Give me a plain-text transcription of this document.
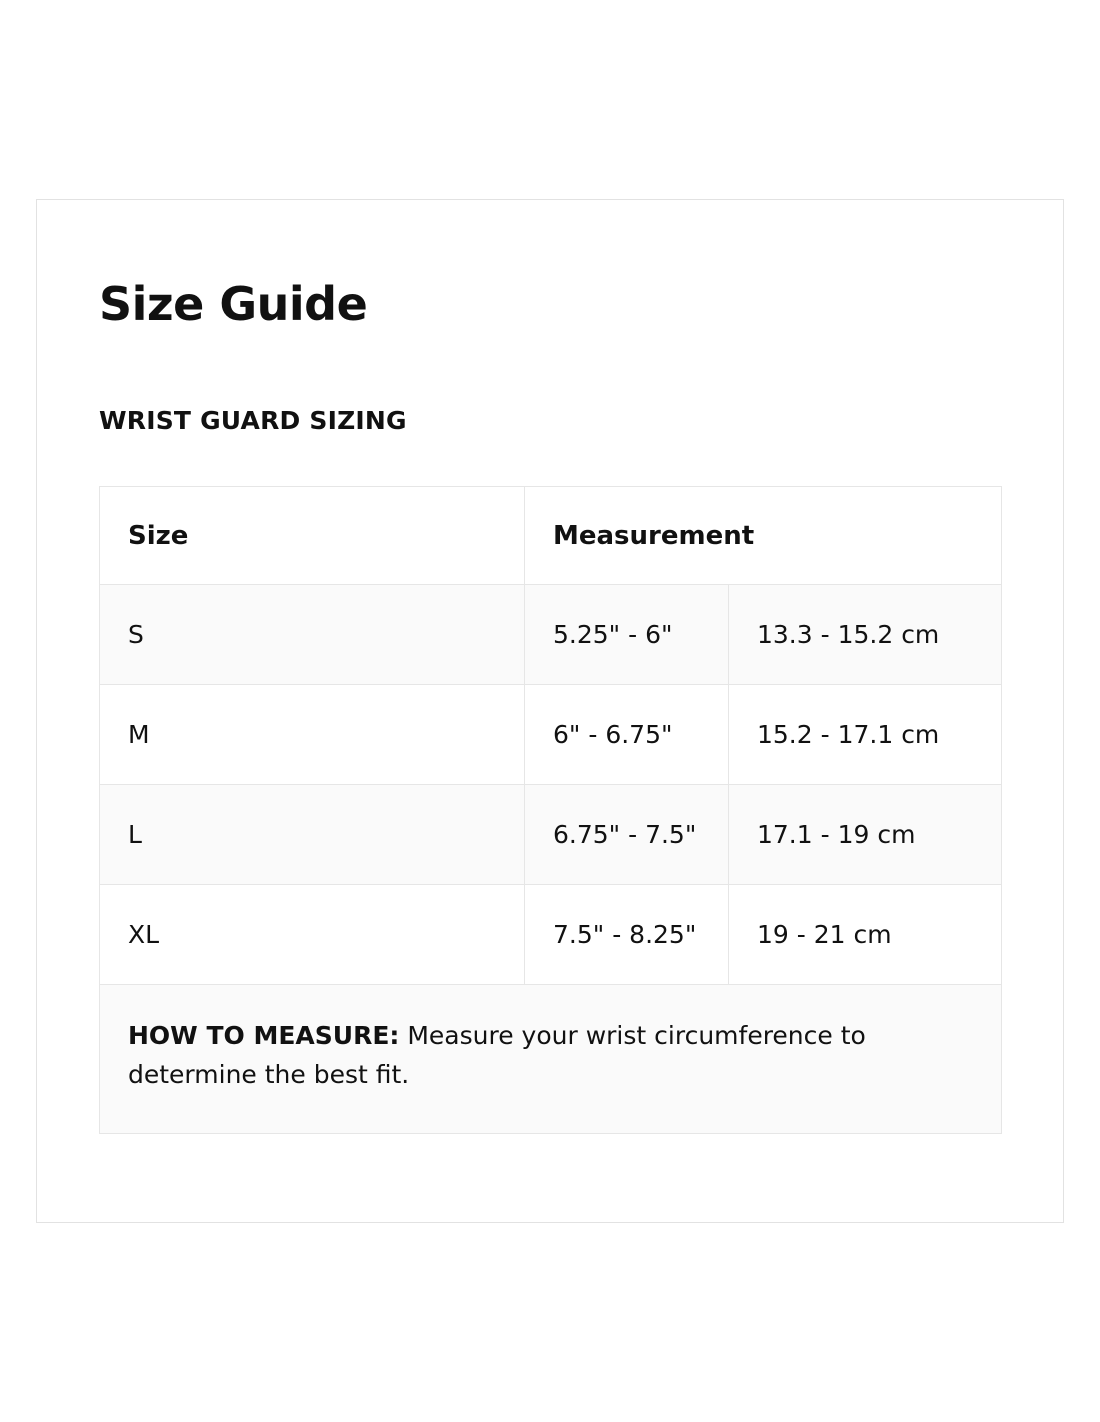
Size Guide
WRIST GUARD SIZING
Size	Measurement	
S	5.25" - 6"	13.3 - 15.2 cm
M	6" - 6.75"	15.2 - 17.1 cm
L	6.75" - 7.5"	17.1 - 19 cm
XL	7.5" - 8.25"	19 - 21 cm
HOW TO MEASURE: Measure your wrist circumference to determine the best fit.		
